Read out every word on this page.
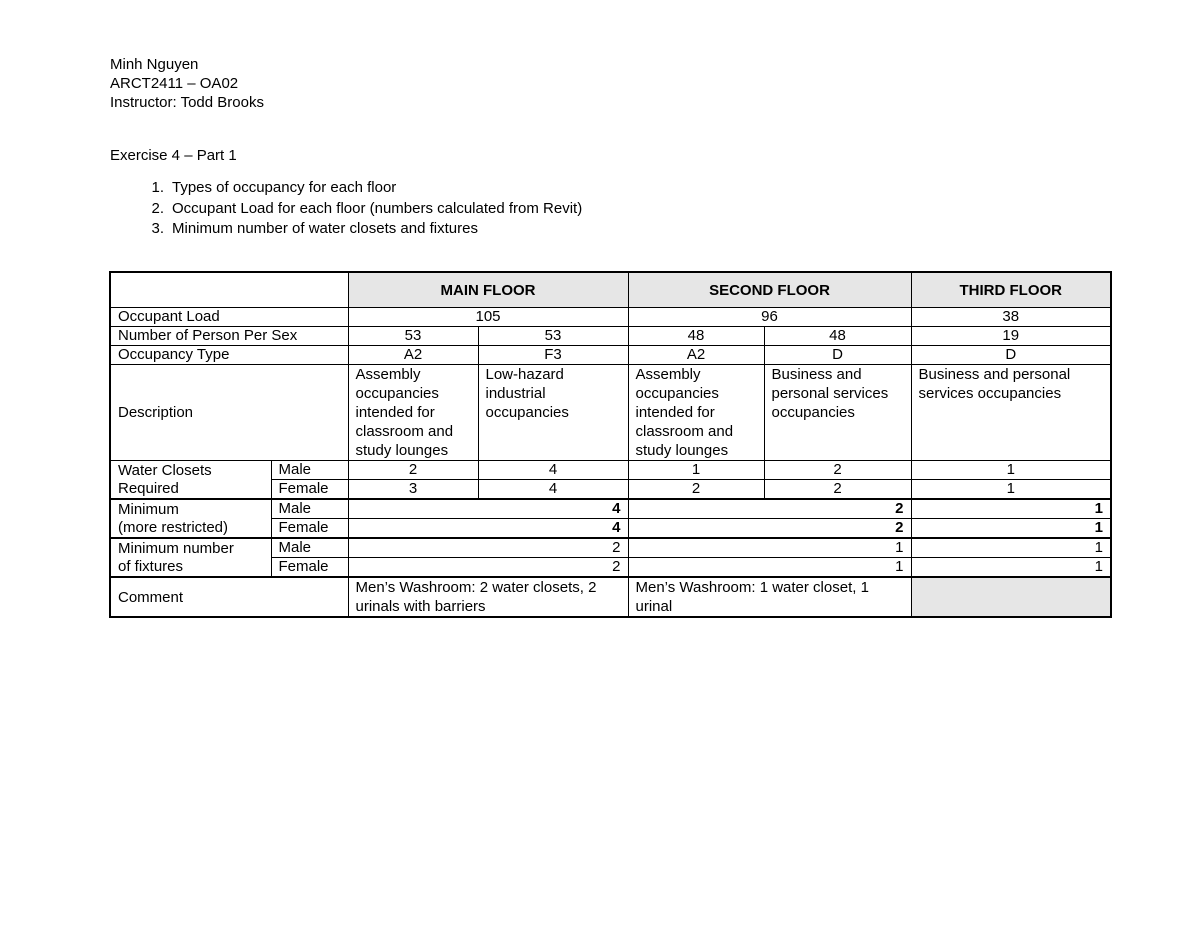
Minh Nguyen
ARCT2411 – OA02
Instructor: Todd Brooks
Exercise 4 – Part 1
1. Types of occupancy for each floor
2. Occupant Load for each floor (numbers calculated from Revit)
3. Minimum number of water closets and fixtures
		MAIN FLOOR		SECOND FLOOR		THIRD FLOOR
Occupant Load		105		96		38
Number of Person Per Sex		53	53	48	48	19
Occupancy Type		A2	F3	A2	D	D
Description		Assembly occupancies intended for classroom and study lounges	Low-hazard industrial occupancies	Assembly occupancies intended for classroom and study lounges	Business and personal services occupancies	Business and personal services occupancies
Water Closets Required	Male	2	4	1	2	1
	Female	3	4	2	2	1
Minimum
(more restricted)	Male	4		2		1
	Female	4		2		1
Minimum number
of fixtures	Male	2		1		1
	Female	2		1		1
Comment		Men’s Washroom: 2 water closets, 2 urinals with barriers		Men’s Washroom: 1 water closet, 1 urinal		
